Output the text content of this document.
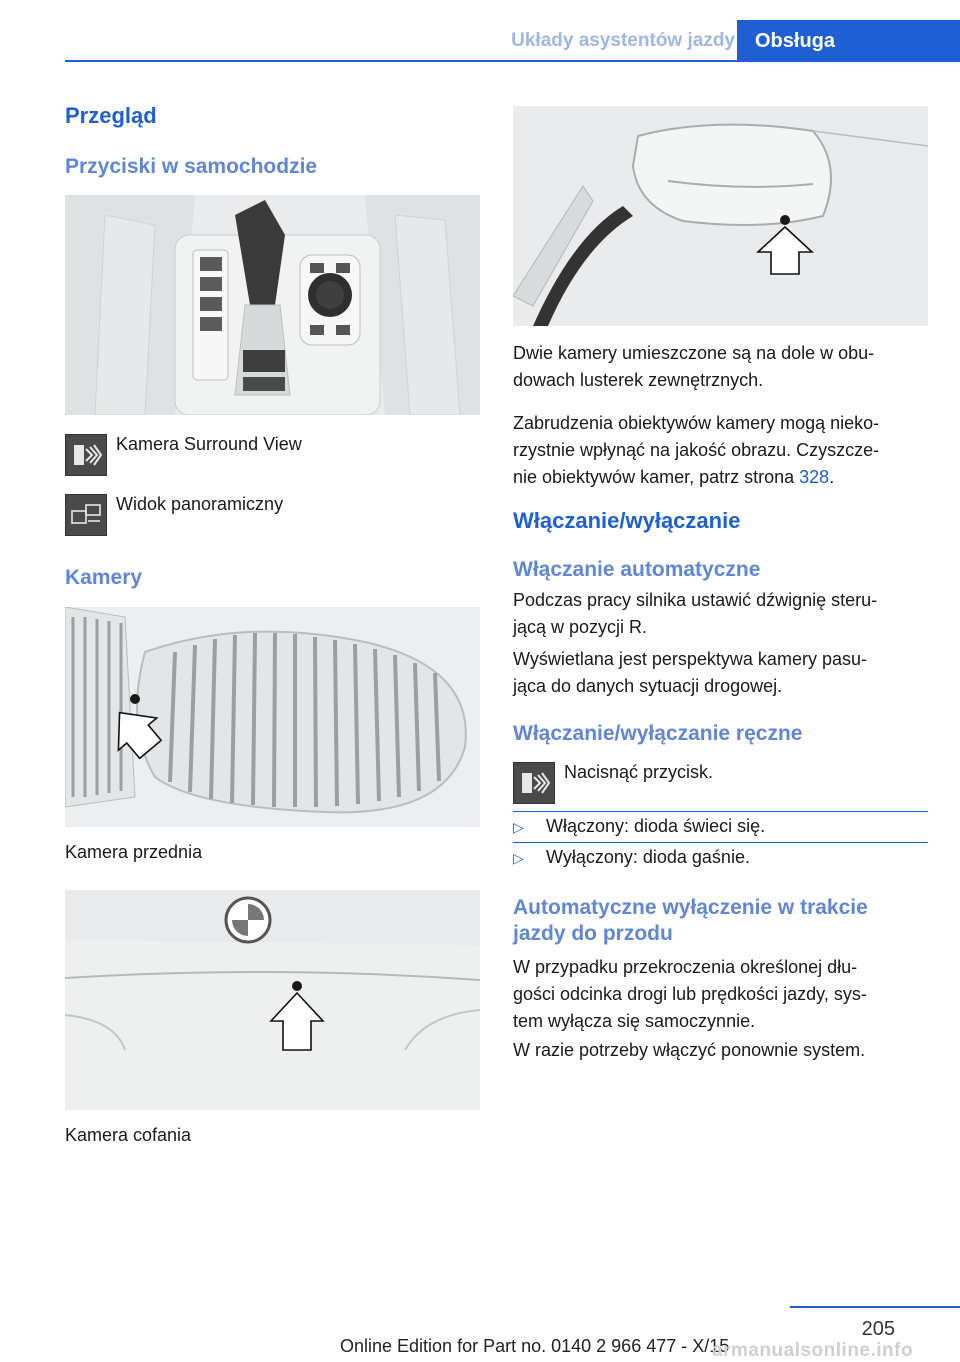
Układy asystentów jazdy Obsługa
Przegląd
Przyciski w samochodzie
Kamera Surround View
Widok panoramiczny
Kamery
Kamera przednia
Kamera cofania
Dwie kamery umieszczone są na dole w obu-
dowach lusterek zewnętrznych.
Zabrudzenia obiektywów kamery mogą nieko-
rzystnie wpłynąć na jakość obrazu. Czyszcze-
nie obiektywów kamer, patrz strona 328.
Włączanie/wyłączanie
Włączanie automatyczne
Podczas pracy silnika ustawić dźwignię steru-
jącą w pozycji R.
Wyświetlana jest perspektywa kamery pasu-
jąca do danych sytuacji drogowej.
Włączanie/wyłączanie ręczne
Nacisnąć przycisk.
▷ Włączony: dioda świeci się.
▷ Wyłączony: dioda gaśnie.
Automatyczne wyłączenie w trakcie
jazdy do przodu
W przypadku przekroczenia określonej dłu-
gości odcinka drogi lub prędkości jazdy, sys-
tem wyłącza się samoczynnie.
W razie potrzeby włączyć ponownie system.
205
Online Edition for Part no. 0140 2 966 477 - X/15
armanualsonline.info
